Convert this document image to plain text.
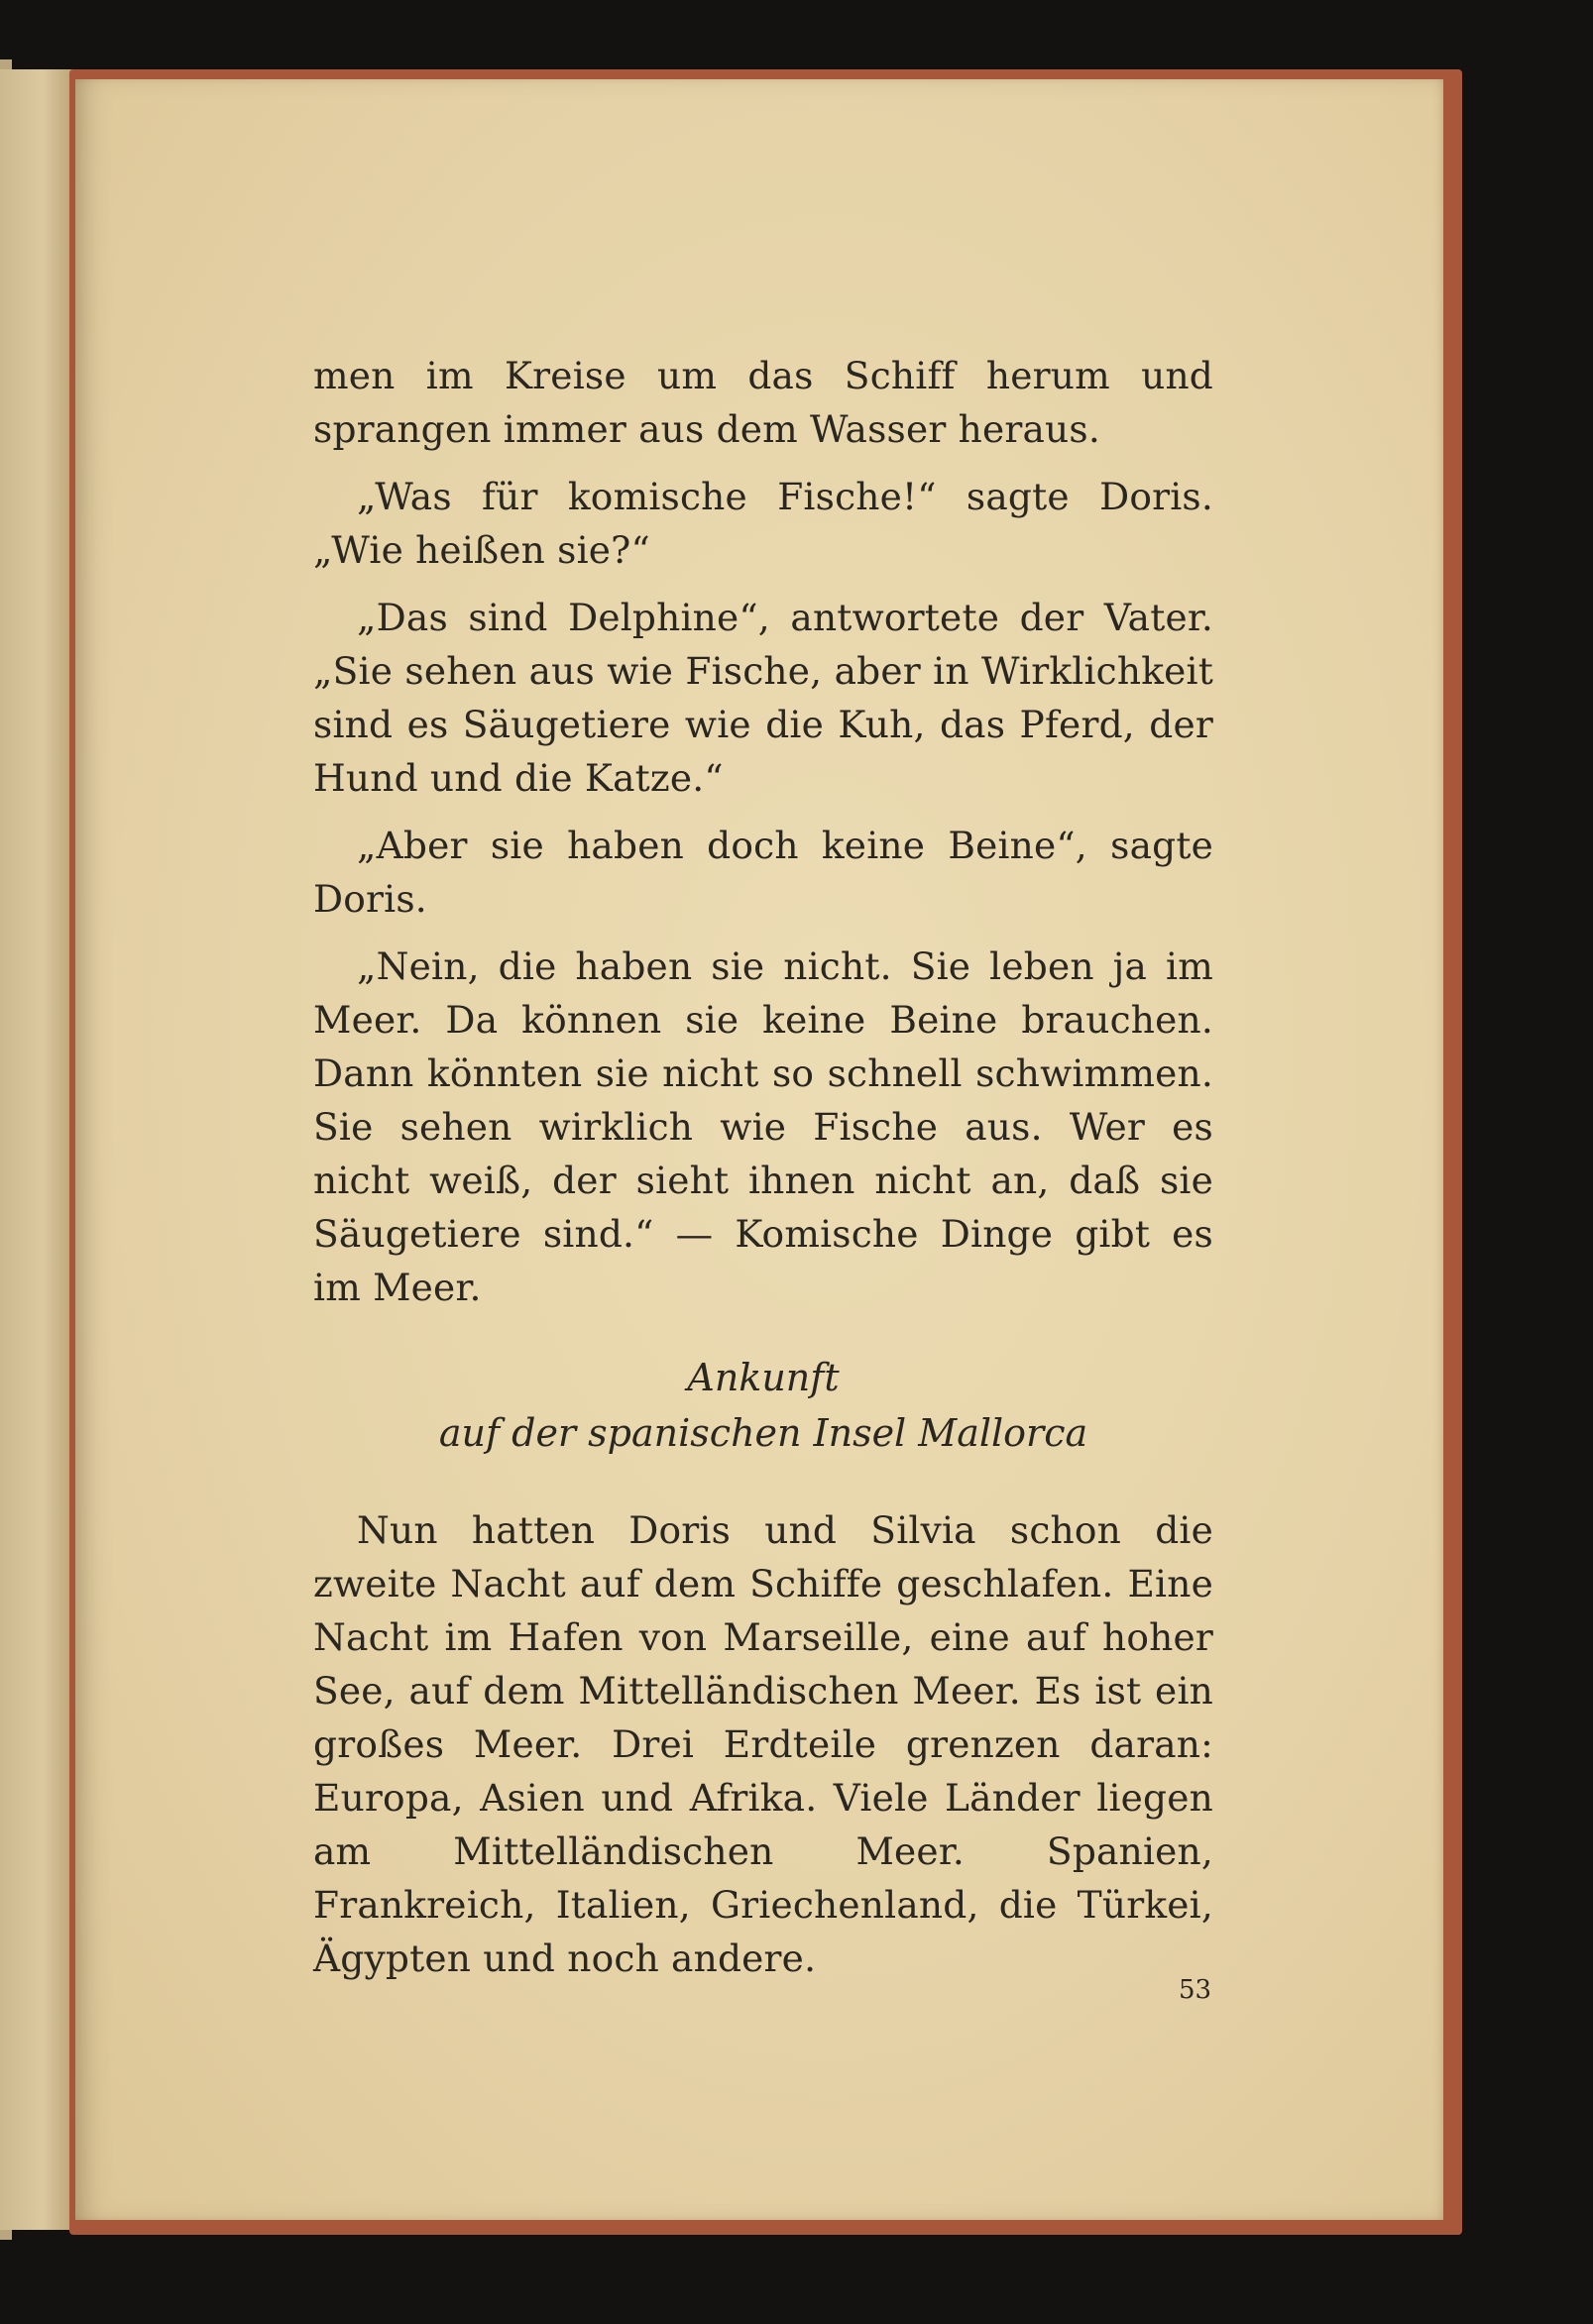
men im Kreise um das Schiff herum und sprangen immer aus dem Wasser heraus.

„Was für komische Fische!“ sagte Doris. „Wie heißen sie?“

„Das sind Delphine“, antwortete der Vater. „Sie sehen aus wie Fische, aber in Wirklichkeit sind es Säugetiere wie die Kuh, das Pferd, der Hund und die Katze.“

„Aber sie haben doch keine Beine“, sagte Doris.

„Nein, die haben sie nicht. Sie leben ja im Meer. Da können sie keine Beine brauchen. Dann könnten sie nicht so schnell schwimmen. Sie sehen wirklich wie Fische aus. Wer es nicht weiß, der sieht ihnen nicht an, daß sie Säugetiere sind.“ — Komische Dinge gibt es im Meer.

Ankunft
auf der spanischen Insel Mallorca

Nun hatten Doris und Silvia schon die zweite Nacht auf dem Schiffe geschlafen. Eine Nacht im Hafen von Marseille, eine auf hoher See, auf dem Mittelländischen Meer. Es ist ein großes Meer. Drei Erdteile grenzen daran: Europa, Asien und Afrika. Viele Länder liegen am Mittelländischen Meer. Spanien, Frankreich, Italien, Griechenland, die Türkei, Ägypten und noch andere.

53
